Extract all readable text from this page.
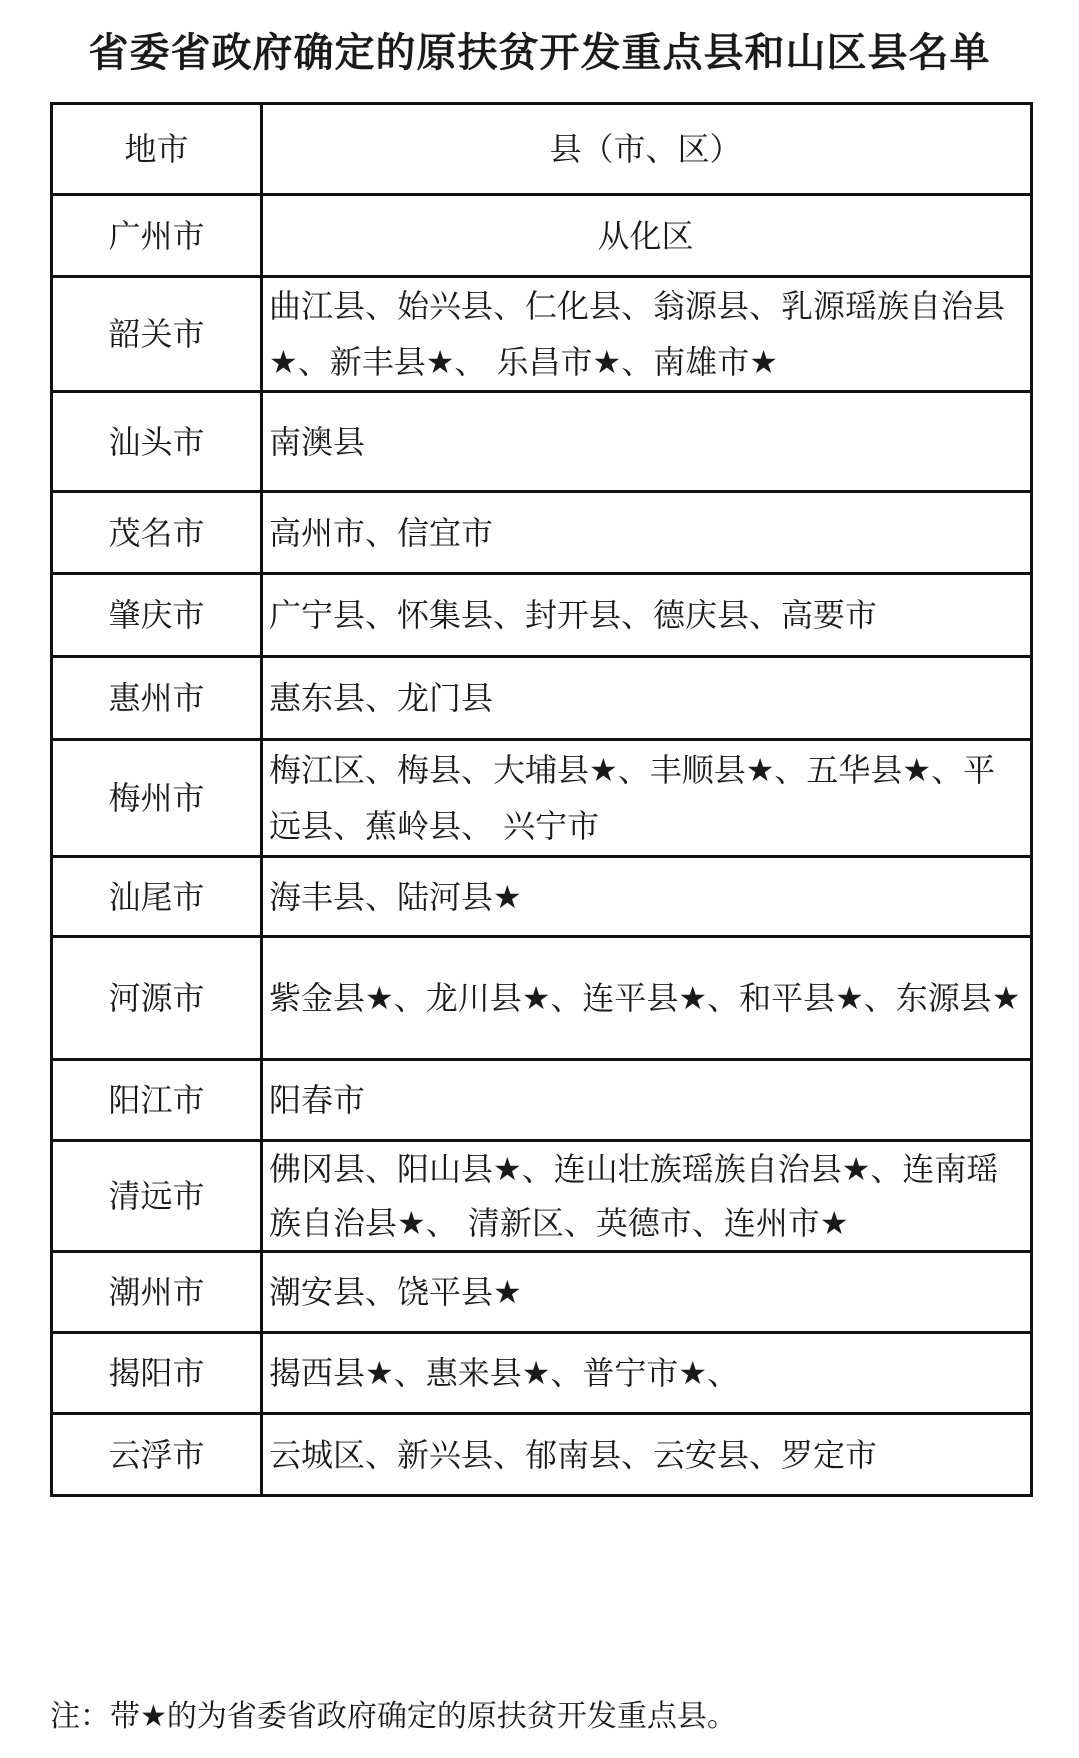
省委省政府确定的原扶贫开发重点县和山区县名单
地市	县（市、区）
广州市	从化区
韶关市	曲江县、始兴县、仁化县、翁源县、乳源瑶族自治县★、新丰县★、 乐昌市★、南雄市★
汕头市	南澳县
茂名市	高州市、信宜市
肇庆市	广宁县、怀集县、封开县、德庆县、高要市
惠州市	惠东县、龙门县
梅州市	梅江区、梅县、大埔县★、丰顺县★、五华县★、平远县、蕉岭县、 兴宁市
汕尾市	海丰县、陆河县★
河源市	紫金县★、龙川县★、连平县★、和平县★、东源县★
阳江市	阳春市
清远市	佛冈县、阳山县★、连山壮族瑶族自治县★、连南瑶族自治县★、 清新区、英德市、连州市★
潮州市	潮安县、饶平县★
揭阳市	揭西县★、惠来县★、普宁市★、
云浮市	云城区、新兴县、郁南县、云安县、罗定市
注：带★的为省委省政府确定的原扶贫开发重点县。
